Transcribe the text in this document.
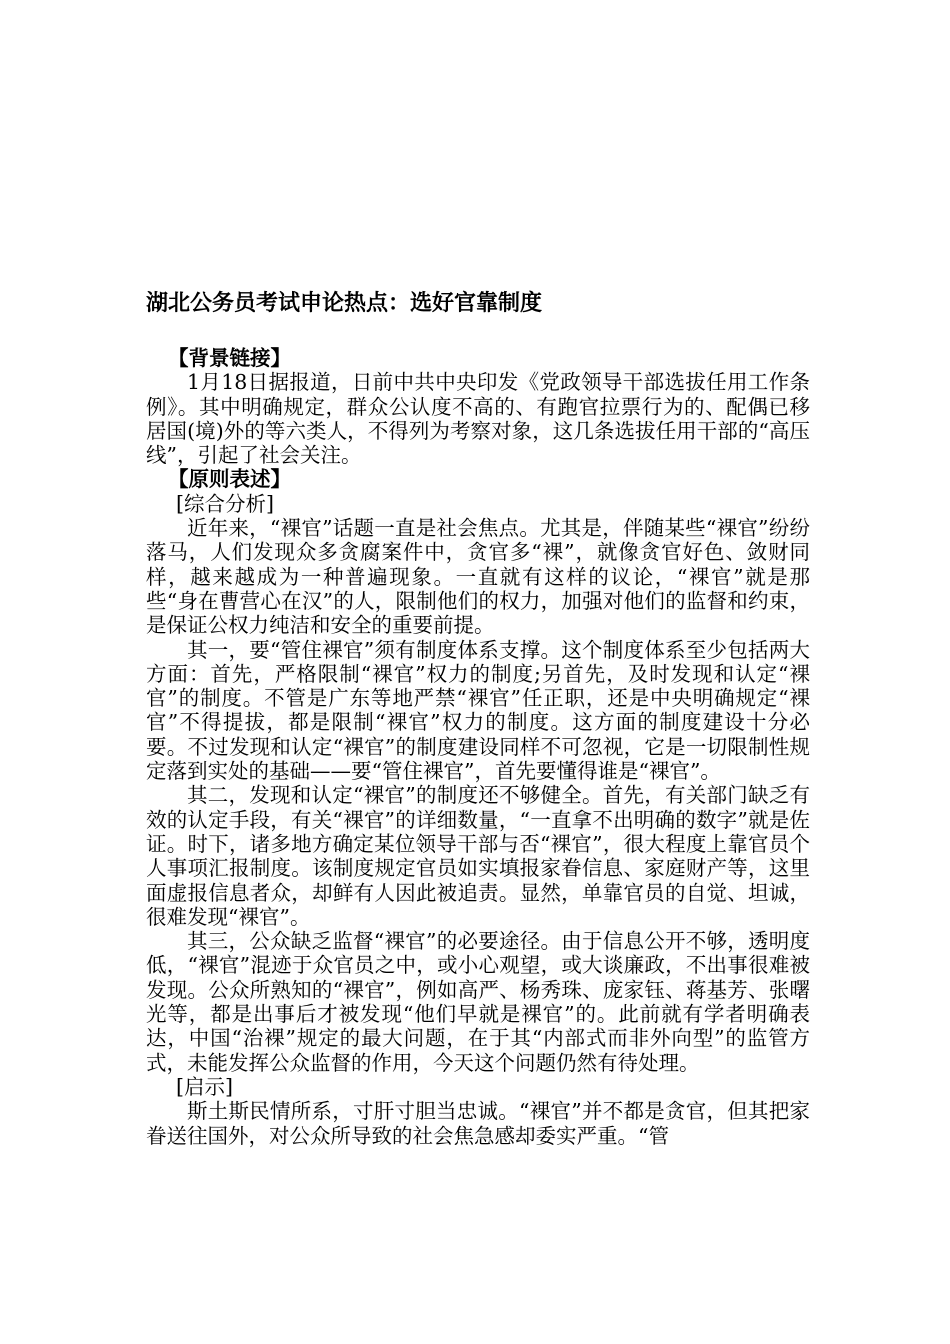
湖北公务员考试申论热点：选好官靠制度

【背景链接】

1月18日据报道，日前中共中央印发《党政领导干部选拔任用工作条例》。其中明确规定，群众公认度不高的、有跑官拉票行为的、配偶已移居国(境)外的等六类人，不得列为考察对象，这几条选拔任用干部的“高压线”，引起了社会关注。

【原则表述】

[综合分析]

近年来，“裸官”话题一直是社会焦点。尤其是，伴随某些“裸官”纷纷落马，人们发现众多贪腐案件中，贪官多“裸”，就像贪官好色、敛财同样，越来越成为一种普遍现象。一直就有这样的议论，“裸官”就是那些“身在曹营心在汉”的人，限制他们的权力，加强对他们的监督和约束，是保证公权力纯洁和安全的重要前提。

其一，要“管住裸官”须有制度体系支撑。这个制度体系至少包括两大方面：首先，严格限制“裸官”权力的制度;另首先，及时发现和认定“裸官”的制度。不管是广东等地严禁“裸官”任正职，还是中央明确规定“裸官”不得提拔，都是限制“裸官”权力的制度。这方面的制度建设十分必要。不过发现和认定“裸官”的制度建设同样不可忽视，它是一切限制性规定落到实处的基础——要“管住裸官”，首先要懂得谁是“裸官”。

其二，发现和认定“裸官”的制度还不够健全。首先，有关部门缺乏有效的认定手段，有关“裸官”的详细数量，“一直拿不出明确的数字”就是佐证。时下，诸多地方确定某位领导干部与否“裸官”，很大程度上靠官员个人事项汇报制度。该制度规定官员如实填报家眷信息、家庭财产等，这里面虚报信息者众，却鲜有人因此被追责。显然，单靠官员的自觉、坦诚，很难发现“裸官”。

其三，公众缺乏监督“裸官”的必要途径。由于信息公开不够，透明度低，“裸官”混迹于众官员之中，或小心观望，或大谈廉政，不出事很难被发现。公众所熟知的“裸官”，例如高严、杨秀珠、庞家钰、蒋基芳、张曙光等，都是出事后才被发现“他们早就是裸官”的。此前就有学者明确表达，中国“治裸”规定的最大问题，在于其“内部式而非外向型”的监管方式，未能发挥公众监督的作用，今天这个问题仍然有待处理。

[启示]

斯土斯民情所系，寸肝寸胆当忠诚。“裸官”并不都是贪官，但其把家眷送往国外，对公众所导致的社会焦急感却委实严重。“管
